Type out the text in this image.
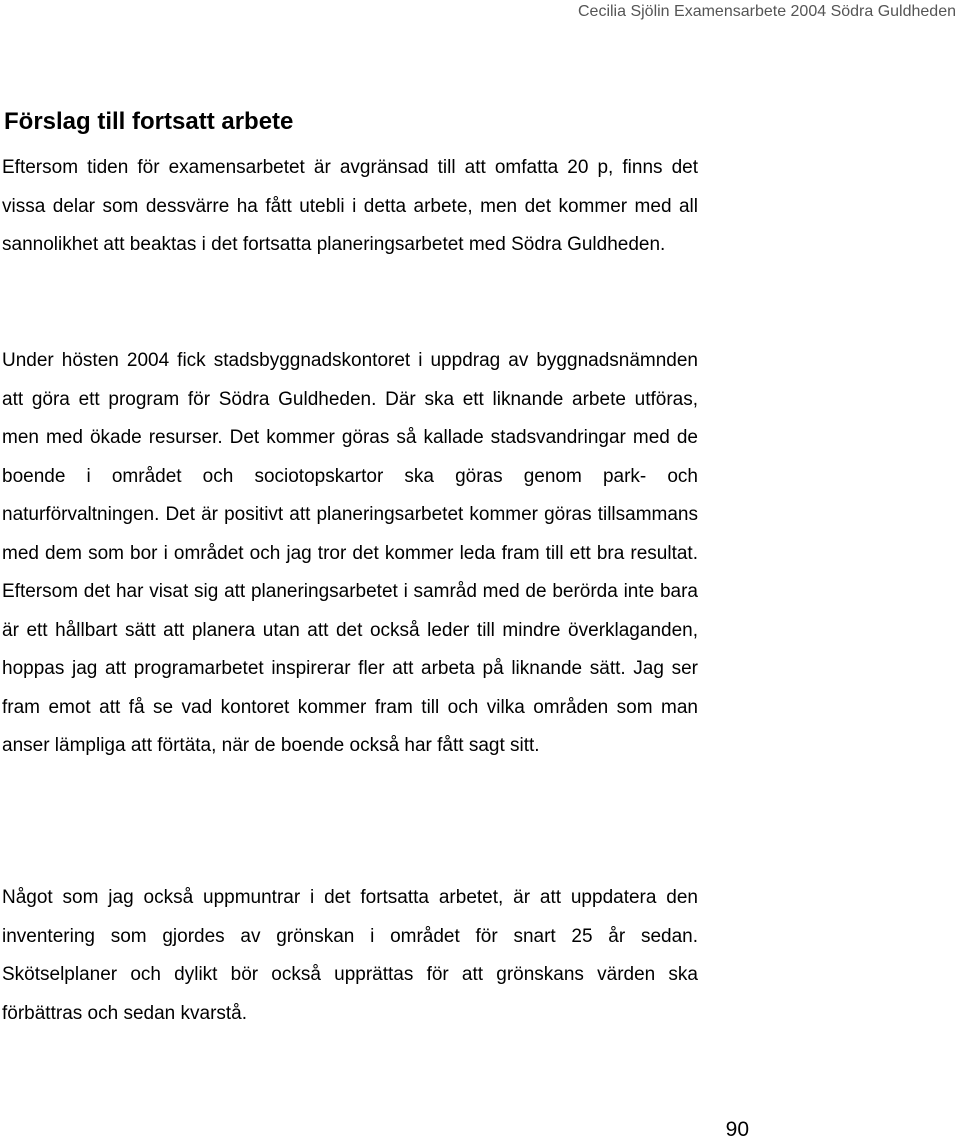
Cecilia Sjölin Examensarbete 2004 Södra Guldheden
Förslag till fortsatt arbete

Eftersom tiden för examensarbetet är avgränsad till att omfatta 20 p, finns det vissa delar som dessvärre ha fått utebli i detta arbete, men det kommer med all sannolikhet att beaktas i det fortsatta planeringsarbetet med Södra Guldheden.

Under hösten 2004 fick stadsbyggnadskontoret i uppdrag av byggnadsnämnden att göra ett program för Södra Guldheden. Där ska ett liknande arbete utföras, men med ökade resurser. Det kommer göras så kallade stadsvandringar med de boende i området och sociotopskartor ska göras genom park- och naturförvaltningen. Det är positivt att planeringsarbetet kommer göras tillsammans med dem som bor i området och jag tror det kommer leda fram till ett bra resultat. Eftersom det har visat sig att planeringsarbetet i samråd med de berörda inte bara är ett hållbart sätt att planera utan att det också leder till mindre överklaganden, hoppas jag att programarbetet inspirerar fler att arbeta på liknande sätt. Jag ser fram emot att få se vad kontoret kommer fram till och vilka områden som man anser lämpliga att förtäta, när de boende också har fått sagt sitt.

Något som jag också uppmuntrar i det fortsatta arbetet, är att uppdatera den inventering som gjordes av grönskan i området för snart 25 år sedan. Skötselplaner och dylikt bör också upprättas för att grönskans värden ska förbättras och sedan kvarstå.

90
